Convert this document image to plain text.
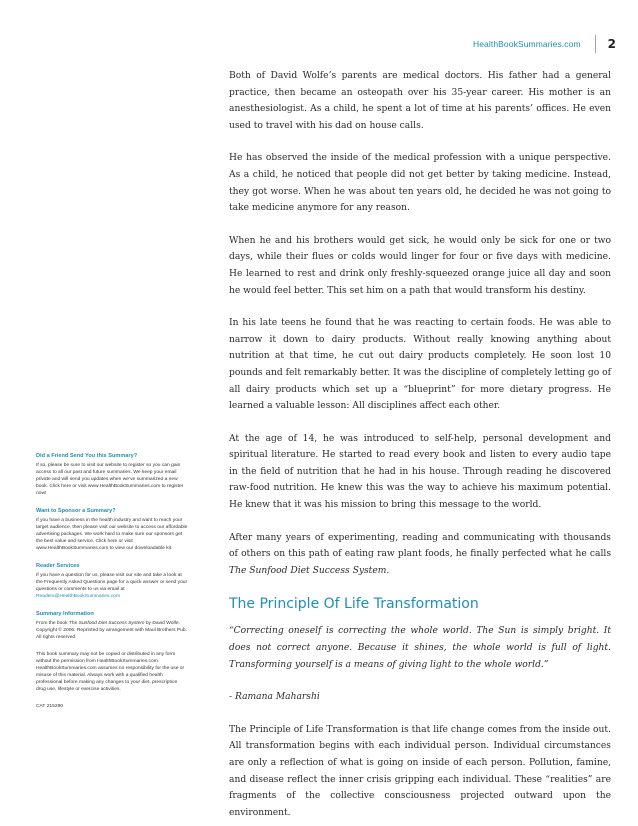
HealthBookSummaries.com 2

Both of David Wolfe’s parents are medical doctors. His father had a general practice, then became an osteopath over his 35-year career. His mother is an anesthesiologist. As a child, he spent a lot of time at his parents’ offices. He even used to travel with his dad on house calls.

He has observed the inside of the medical profession with a unique perspective. As a child, he noticed that people did not get better by taking medicine. Instead, they got worse. When he was about ten years old, he decided he was not going to take medicine anymore for any reason.

When he and his brothers would get sick, he would only be sick for one or two days, while their flues or colds would linger for four or five days with medicine. He learned to rest and drink only freshly-squeezed orange juice all day and soon he would feel better. This set him on a path that would transform his destiny.

In his late teens he found that he was reacting to certain foods. He was able to narrow it down to dairy products. Without really knowing anything about nutrition at that time, he cut out dairy products completely. He soon lost 10 pounds and felt remarkably better. It was the discipline of completely letting go of all dairy products which set up a “blueprint” for more dietary progress. He learned a valuable lesson: All disciplines affect each other.

At the age of 14, he was introduced to self-help, personal development and spiritual literature. He started to read every book and listen to every audio tape in the field of nutrition that he had in his house. Through reading he discovered raw-food nutrition. He knew this was the way to achieve his maximum potential. He knew that it was his mission to bring this message to the world.

After many years of experimenting, reading and communicating with thousands of others on this path of eating raw plant foods, he finally perfected what he calls The Sunfood Diet Success System.

The Principle Of Life Transformation

“Correcting oneself is correcting the whole world. The Sun is simply bright. It does not correct anyone. Because it shines, the whole world is full of light. Transforming yourself is a means of giving light to the whole world.”

- Ramana Maharshi

The Principle of Life Transformation is that life change comes from the inside out. All transformation begins with each individual person. Individual circumstances are only a reflection of what is going on inside of each person. Pollution, famine, and disease reflect the inner crisis gripping each individual. These “realities” are fragments of the collective consciousness projected outward upon the environment.

Did a Friend Send You this Summary?
If so, please be sure to visit our website to register so you can gain access to all our past and future summaries. We keep your email private and will send you updates when we’ve summarized a new book. Click here or visit www.HealthBookSummaries.com to register now!
Want to Sponsor a Summary?
If you have a business in the health industry and want to reach your target audience, then please visit our website to access our affordable advertising packages. We work hard to make sure our sponsors get the best value and service. Click here or visit www.HealthBookSummaries.com to view our downloadable kit.
Reader Services
If you have a question for us, please visit our site and take a look at the Frequently Asked Questions page for a quick answer or send your questions or comments to us via email at Readers@HealthBookSummaries.com
Summary Information
From the book The Sunfood Diet Success System by David Wolfe. Copyright © 2006. Reprinted by arrangement with Maul Brothers Pub. All rights reserved.
This book summary may not be copied or distributed in any form without the permission from HealthBookSummaries.com. HealthBookSummaries.com assumes no responsibility for the use or misuse of this material. Always work with a qualified health professional before making any changes to your diet, prescription drug use, lifestyle or exercise activities.
CAT 215290
